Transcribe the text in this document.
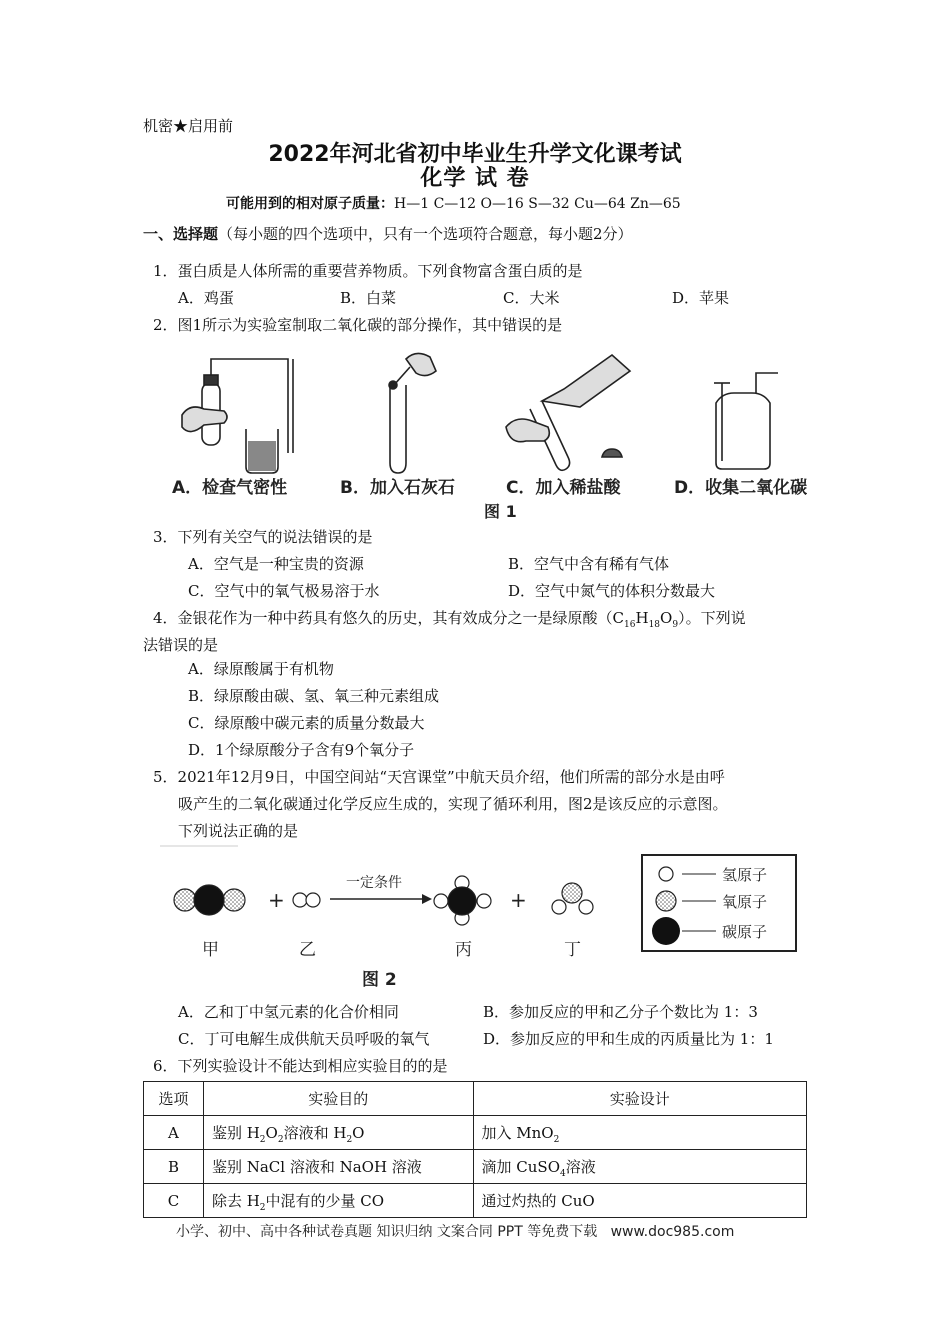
机密★启用前
2022年河北省初中毕业生升学文化课考试
化学 试 卷
可能用到的相对原子质量：H—1 C—12 O—16 S—32 Cu—64 Zn—65
一、选择题（每小题的四个选项中，只有一个选项符合题意，每小题2分）
1．蛋白质是人体所需的重要营养物质。下列食物富含蛋白质的是
A．鸡蛋	B．白菜	C．大米	D．苹果
2．图1所示为实验室制取二氧化碳的部分操作，其中错误的是
A．检查气密性	B．加入石灰石	C．加入稀盐酸	D．收集二氧化碳
图 1
3．下列有关空气的说法错误的是
A．空气是一种宝贵的资源	B．空气中含有稀有气体
C．空气中的氧气极易溶于水	D．空气中氮气的体积分数最大
4．金银花作为一种中药具有悠久的历史，其有效成分之一是绿原酸$(C_{16}H_{18}O_9)$。下列说
法错误的是
A．绿原酸属于有机物
B．绿原酸由碳、氢、氧三种元素组成
C．绿原酸中碳元素的质量分数最大
D．1个绿原酸分子含有9个氧分子
5．2021年12月9日，中国空间站“天宫课堂”中航天员介绍，他们所需的部分水是由呼
吸产生的二氧化碳通过化学反应生成的，实现了循环利用，图2是该反应的示意图。
下列说法正确的是
+
一定条件
+
甲	乙	丙	丁
图 2
氢原子
氧原子
碳原子
A．乙和丁中氢元素的化合价相同	B．参加反应的甲和乙分子个数比为 1：3
C．丁可电解生成供航天员呼吸的氧气	D．参加反应的甲和生成的丙质量比为 1：1
6．下列实验设计不能达到相应实验目的的是
选项	实验目的	实验设计
A	鉴别 $H_2O_2$溶液和 $H_2O$	加入 MnO$_2$
B	鉴别 NaCl 溶液和 NaOH 溶液	滴加 CuSO$_4$溶液
C	除去 $H_2$中混有的少量 CO	通过灼热的 CuO
小学、初中、高中各种试卷真题 知识归纳 文案合同 PPT 等免费下载 www.doc985.com
